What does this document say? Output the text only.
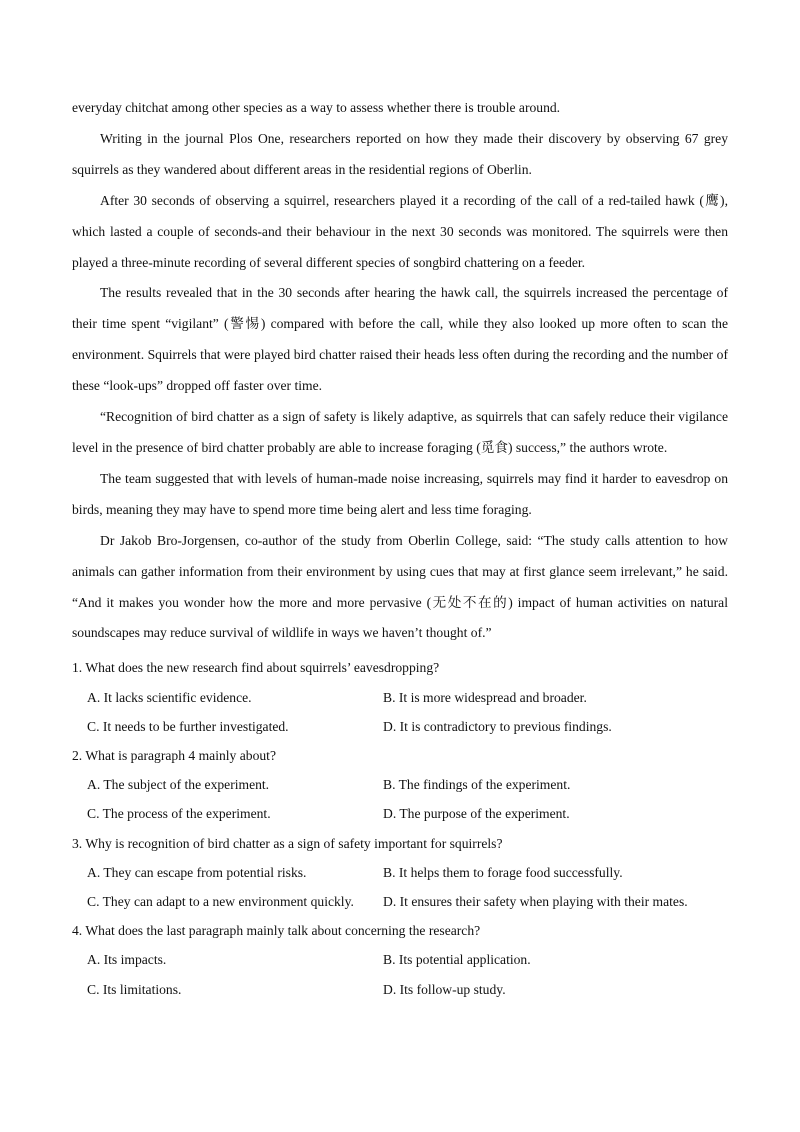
everyday chitchat among other species as a way to assess whether there is trouble around.

Writing in the journal Plos One, researchers reported on how they made their discovery by observing 67 grey squirrels as they wandered about different areas in the residential regions of Oberlin.

After 30 seconds of observing a squirrel, researchers played it a recording of the call of a red-tailed hawk (鹰), which lasted a couple of seconds-and their behaviour in the next 30 seconds was monitored. The squirrels were then played a three-minute recording of several different species of songbird chattering on a feeder.

The results revealed that in the 30 seconds after hearing the hawk call, the squirrels increased the percentage of their time spent “vigilant” (警惕) compared with before the call, while they also looked up more often to scan the environment. Squirrels that were played bird chatter raised their heads less often during the recording and the number of these “look-ups” dropped off faster over time.

“Recognition of bird chatter as a sign of safety is likely adaptive, as squirrels that can safely reduce their vigilance level in the presence of bird chatter probably are able to increase foraging (觅食) success,” the authors wrote.

The team suggested that with levels of human-made noise increasing, squirrels may find it harder to eavesdrop on birds, meaning they may have to spend more time being alert and less time foraging.

Dr Jakob Bro-Jorgensen, co-author of the study from Oberlin College, said: “The study calls attention to how animals can gather information from their environment by using cues that may at first glance seem irrelevant,” he said. “And it makes you wonder how the more and more pervasive (无处不在的) impact of human activities on natural soundscapes may reduce survival of wildlife in ways we haven’t thought of.”

1. What does the new research find about squirrels’ eavesdropping?

A. It lacks scientific evidence.	B. It is more widespread and broader.
C. It needs to be further investigated.	D. It is contradictory to previous findings.

2. What is paragraph 4 mainly about?

A. The subject of the experiment.	B. The findings of the experiment.
C. The process of the experiment.	D. The purpose of the experiment.

3. Why is recognition of bird chatter as a sign of safety important for squirrels?

A. They can escape from potential risks.	B. It helps them to forage food successfully.
C. They can adapt to a new environment quickly.	D. It ensures their safety when playing with their mates.

4. What does the last paragraph mainly talk about concerning the research?

A. Its impacts.	B. Its potential application.
C. Its limitations.	D. Its follow-up study.
